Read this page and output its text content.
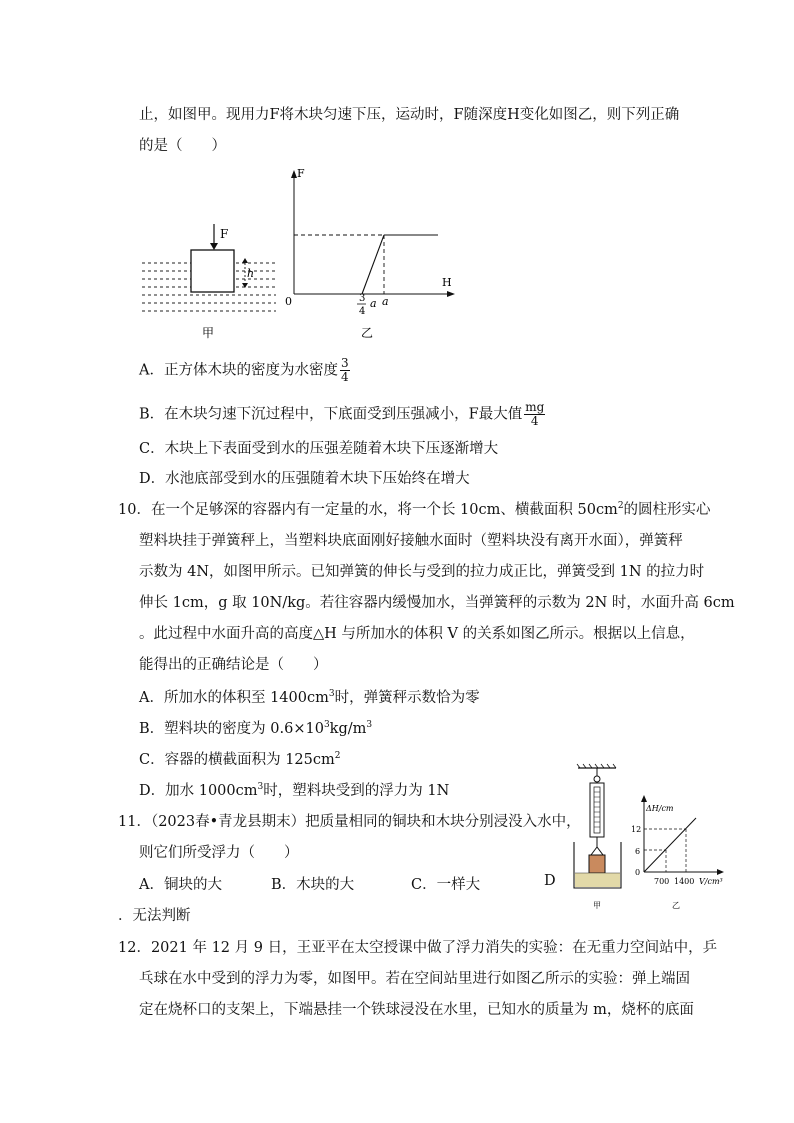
止，如图甲。现用力F将木块匀速下压，运动时，F随深度H变化如图乙，则下列正确
的是（　　）
F
h
甲
F
H
0	3
4
a a
乙
A．正方体木块的密度为水密度 $\frac{3}{4}$
B．在木块匀速下沉过程中，下底面受到压强减小，F最大值 $\frac{mg}{4}$
C．木块上下表面受到水的压强差随着木块下压逐渐增大
D．水池底部受到水的压强随着木块下压始终在增大
10．在一个足够深的容器内有一定量的水，将一个长 10cm、横截面积 $50cm^2$的圆柱形实心
塑料块挂于弹簧秤上，当塑料块底面刚好接触水面时（塑料块没有离开水面），弹簧秤
示数为 4N，如图甲所示。已知弹簧的伸长与受到的拉力成正比，弹簧受到 1N 的拉力时
伸长 1cm，g 取 10N/kg。若往容器内缓慢加水，当弹簧秤的示数为 2N 时，水面升高 6cm
。此过程中水面升高的高度△H 与所加水的体积 V 的关系如图乙所示。根据以上信息，
能得出的正确结论是（　　）
A．所加水的体积至 $1400cm^3$时，弹簧秤示数恰为零
B．塑料块的密度为 $0.6\times 10^3kg/m^3$
C．容器的横截面积为 $125cm^2$
D．加水 $1000cm^3$时，塑料块受到的浮力为 1N
甲
ΔH/cm
12
6
0
700 1400 V/cm³
乙
11．（2023春•青龙县期末）把质量相同的铜块和木块分别浸没入水中，
则它们所受浮力（　　）
A．铜块的大	B．木块的大	C．一样大	D
．无法判断
12．2021 年 12 月 9 日，王亚平在太空授课中做了浮力消失的实验：在无重力空间站中，乒
乓球在水中受到的浮力为零，如图甲。若在空间站里进行如图乙所示的实验：弹上端固
定在烧杯口的支架上，下端悬挂一个铁球浸没在水里，已知水的质量为 m，烧杯的底面
